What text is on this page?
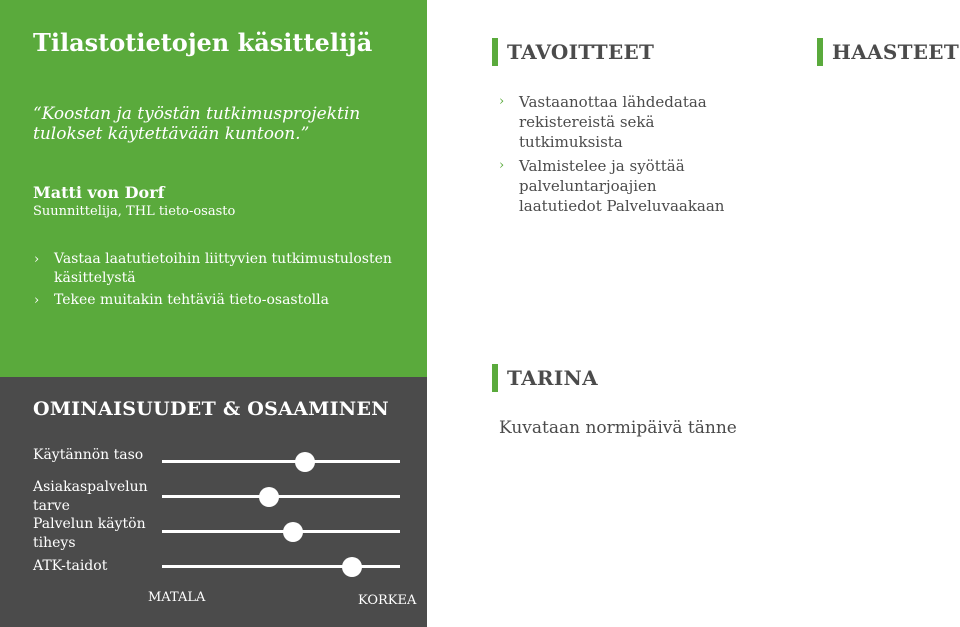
Tilastotietojen käsittelijä
“Koostan ja työstän tutkimusprojektin tulokset käytettävään kuntoon.”
Matti von Dorf
Suunnittelija, THL tieto-osasto
› Vastaa laatutietoihin liittyvien tutkimustulosten käsittelystä
› Tekee muitakin tehtäviä tieto-osastolla
TAVOITTEET	HAASTEET
› Vastaanottaa lähdedataa rekistereistä sekä tutkimuksista
› Valmistelee ja syöttää palveluntarjoajien laatutiedot Palveluvaakaan
TARINA
Kuvataan normipäivä tänne
OMINAISUUDET & OSAAMINEN
Käytännön taso
Asiakaspalvelun tarve
Palvelun käytön tiheys
ATK-taidot
MATALA	KORKEA
